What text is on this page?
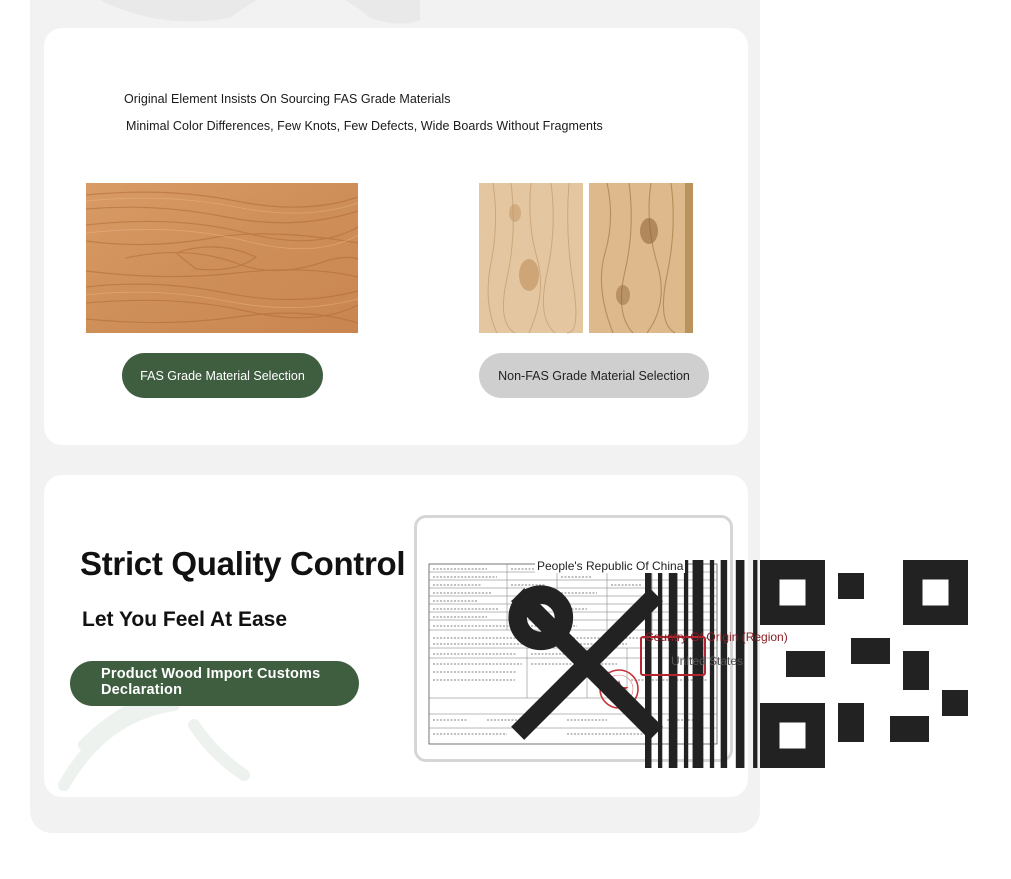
Original Element Insists On Sourcing FAS Grade Materials
Minimal Color Differences, Few Knots, Few Defects, Wide Boards Without Fragments
FAS Grade Material Selection	Non-FAS Grade Material Selection
Strict Quality Control
Let You Feel At Ease
Product Wood Import Customs Declaration
People's Republic Of China
Country Of Origin (Region)
United States
